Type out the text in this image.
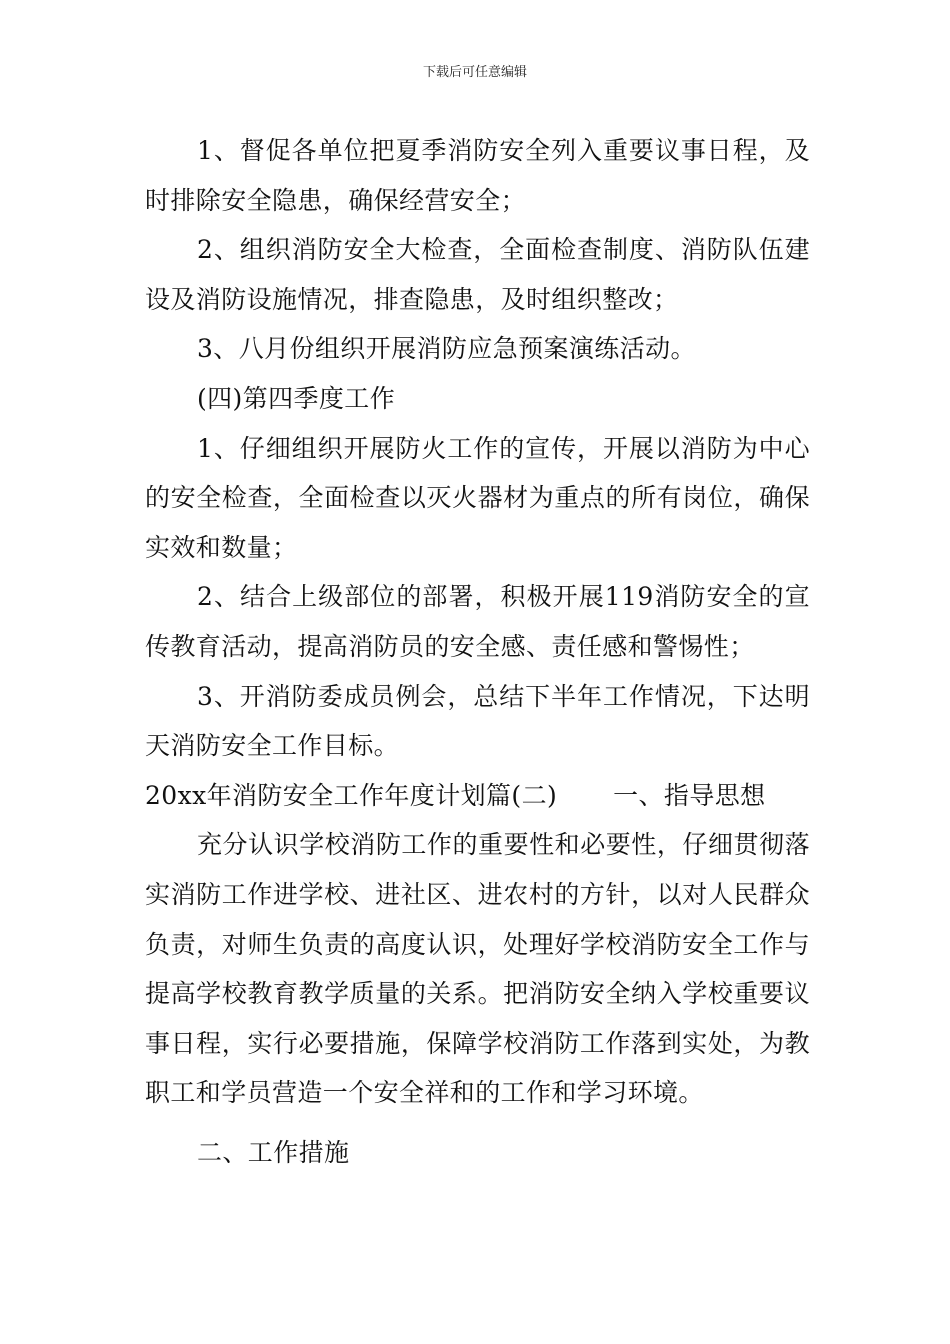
下载后可任意编辑

1、督促各单位把夏季消防安全列入重要议事日程，及时排除安全隐患，确保经营安全；

2、组织消防安全大检查，全面检查制度、消防队伍建设及消防设施情况，排查隐患，及时组织整改；

3、八月份组织开展消防应急预案演练活动。

(四)第四季度工作

1、仔细组织开展防火工作的宣传，开展以消防为中心的安全检查，全面检查以灭火器材为重点的所有岗位，确保实效和数量；

2、结合上级部位的部署，积极开展119消防安全的宣传教育活动，提高消防员的安全感、责任感和警惕性；

3、开消防委成员例会，总结下半年工作情况，下达明天消防安全工作目标。

20xx年消防安全工作年度计划篇(二) 一、指导思想

充分认识学校消防工作的重要性和必要性，仔细贯彻落实消防工作进学校、进社区、进农村的方针，以对人民群众负责，对师生负责的高度认识，处理好学校消防安全工作与提高学校教育教学质量的关系。把消防安全纳入学校重要议事日程，实行必要措施，保障学校消防工作落到实处，为教职工和学员营造一个安全祥和的工作和学习环境。

二、工作措施
